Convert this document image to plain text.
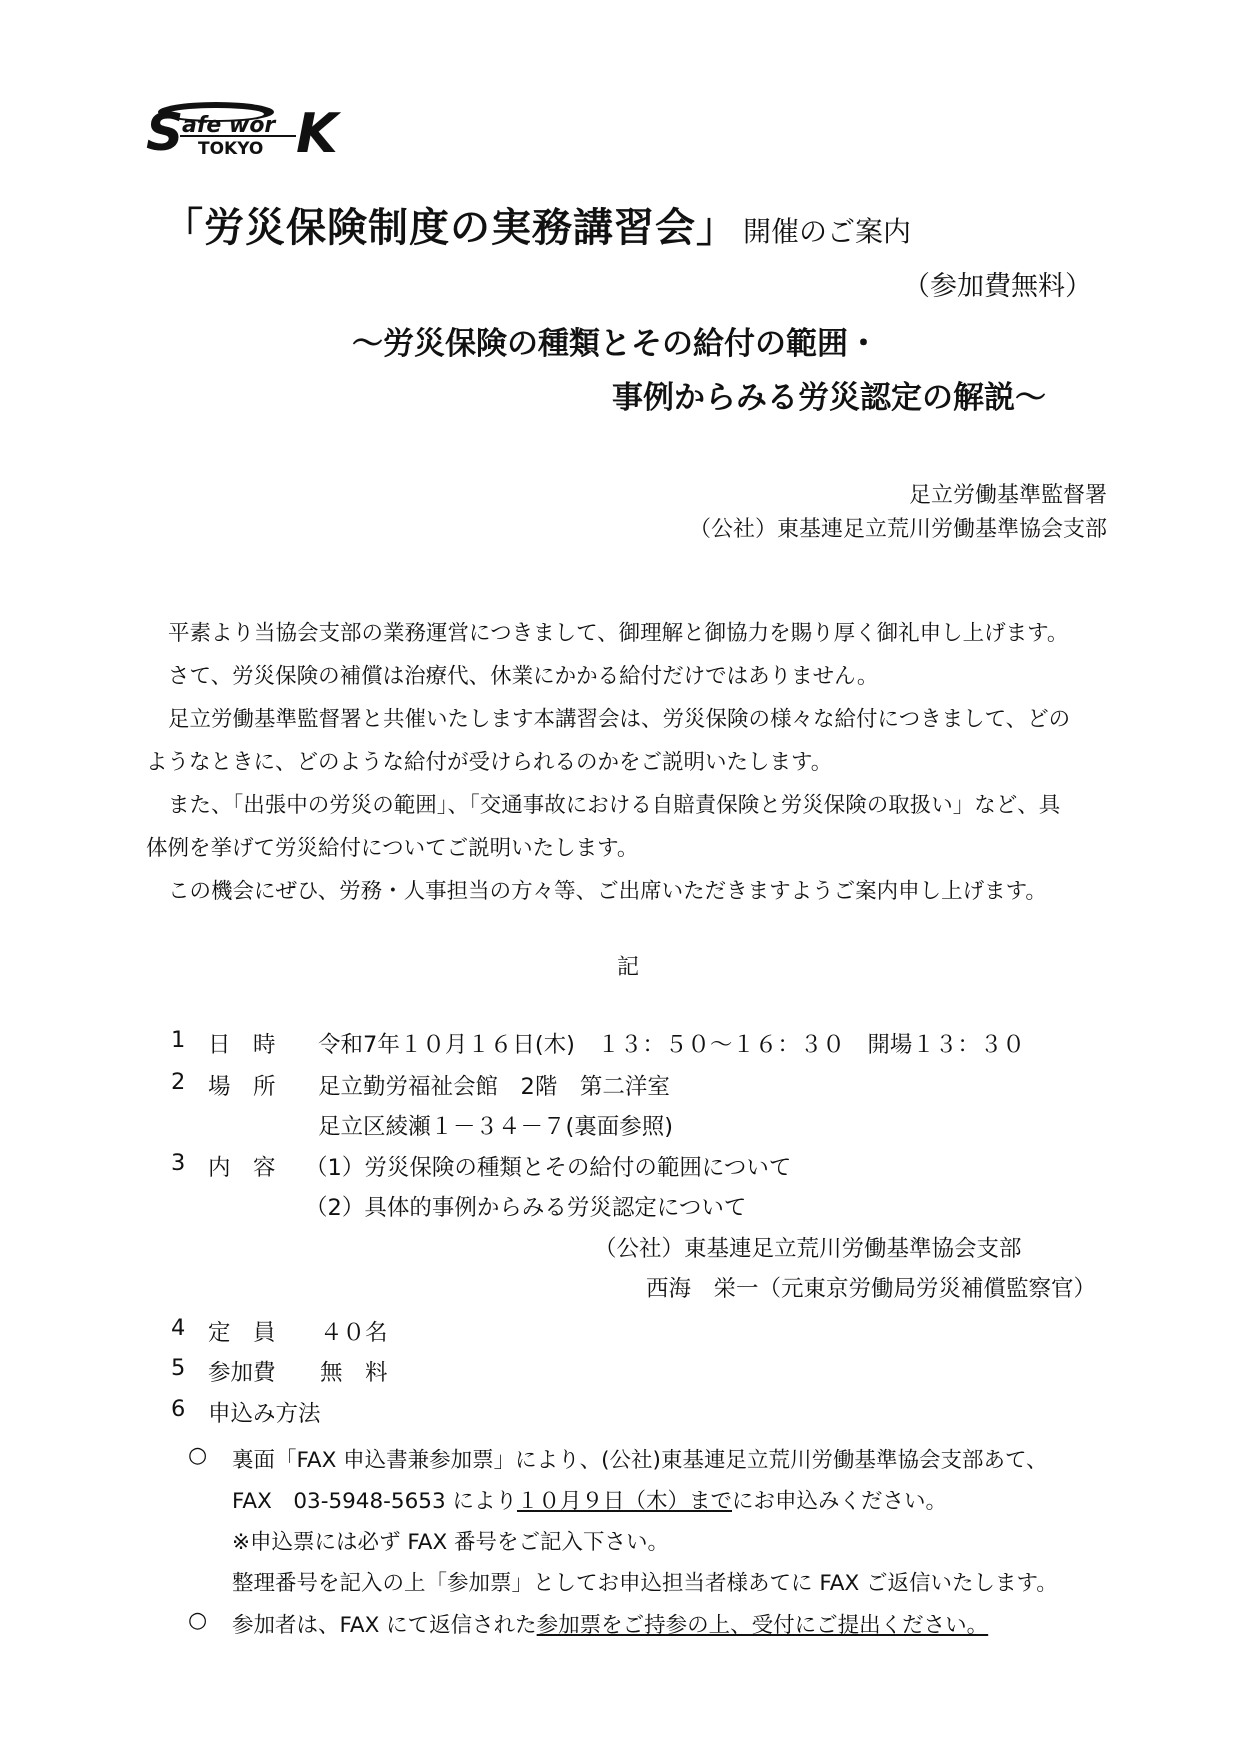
S K
afe wor
TOKYO
「労災保険制度の実務講習会」 開催のご案内
（参加費無料）
～労災保険の種類とその給付の範囲・
事例からみる労災認定の解説～
足立労働基準監督署
（公社）東基連足立荒川労働基準協会支部
平素より当協会支部の業務運営につきまして、御理解と御協力を賜り厚く御礼申し上げます。
さて、労災保険の補償は治療代、休業にかかる給付だけではありません。
足立労働基準監督署と共催いたします本講習会は、労災保険の様々な給付につきまして、どの
ようなときに、どのような給付が受けられるのかをご説明いたします。
また、「出張中の労災の範囲」、「交通事故における自賠責保険と労災保険の取扱い」など、具
体例を挙げて労災給付についてご説明いたします。
この機会にぜひ、労務・人事担当の方々等、ご出席いただきますようご案内申し上げます。
記
1 日　時 令和7年１０月１６日(木)　１３：５０～１６：３０　開場１３：３０
2 場　所 足立勤労福祉会館　2階　第二洋室
足立区綾瀬１－３４－７(裏面参照)
3 内　容 （1）労災保険の種類とその給付の範囲について
（2）具体的事例からみる労災認定について
（公社）東基連足立荒川労働基準協会支部
西海　栄一（元東京労働局労災補償監察官）
4 定　員 ４０名
5 参加費 無　料
6 申込み方法
○ 裏面「FAX 申込書兼参加票」により、(公社)東基連足立荒川労働基準協会支部あて、
FAX　03-5948-5653 により１０月９日（木）までにお申込みください。
※申込票には必ず FAX 番号をご記入下さい。
整理番号を記入の上「参加票」としてお申込担当者様あてに FAX ご返信いたします。
○ 参加者は、FAX にて返信された参加票をご持参の上、受付にご提出ください。
